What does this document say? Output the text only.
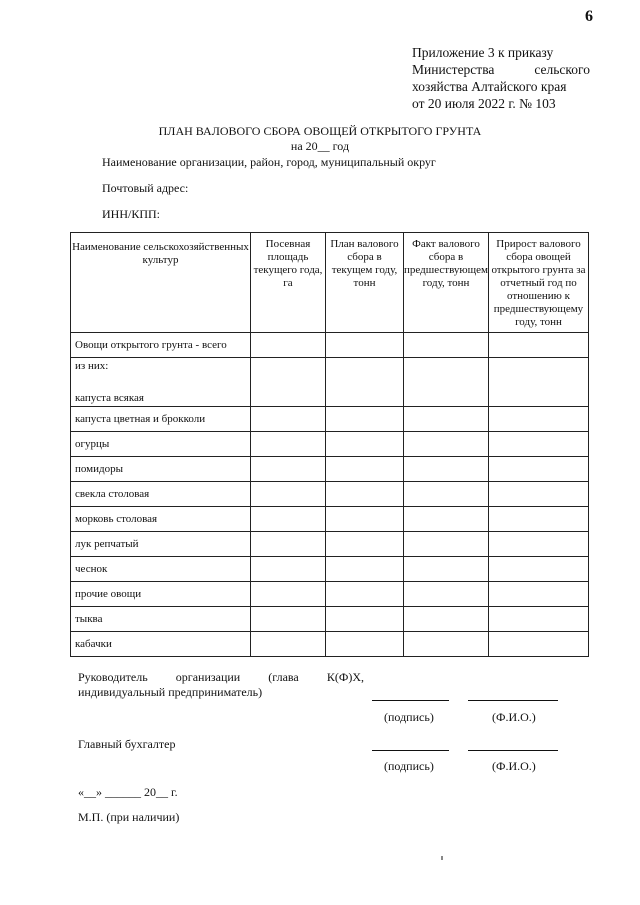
6
Приложение 3 к приказу
Министерства	сельского
хозяйства Алтайского края
от 20 июля 2022 г. № 103
ПЛАН ВАЛОВОГО СБОРА ОВОЩЕЙ ОТКРЫТОГО ГРУНТА
на 20__ год
Наименование организации, район, город, муниципальный округ
Почтовый адрес:
ИНН/КПП:
Наименование сельскохозяйственных культур	Посевная площадь текущего года, га	План валового сбора в текущем году, тонн	Факт валового сбора в предшествующем году, тонн	Прирост валового сбора овощей открытого грунта за отчетный год по отношению к предшествующему году, тонн
Овощи открытого грунта - всего				

из них:
капуста всякая				

капуста цветная и брокколи				
огурцы				
помидоры				
свекла столовая				
морковь столовая				
лук репчатый				
чеснок				
прочие овощи				
тыква				
кабачки				
Руководитель организации (глава К(Ф)Х,
индивидуальный предприниматель)
(подпись)	(Ф.И.О.)
Главный бухгалтер
(подпись)	(Ф.И.О.)
«__» ______ 20__ г.
М.П. (при наличии)
